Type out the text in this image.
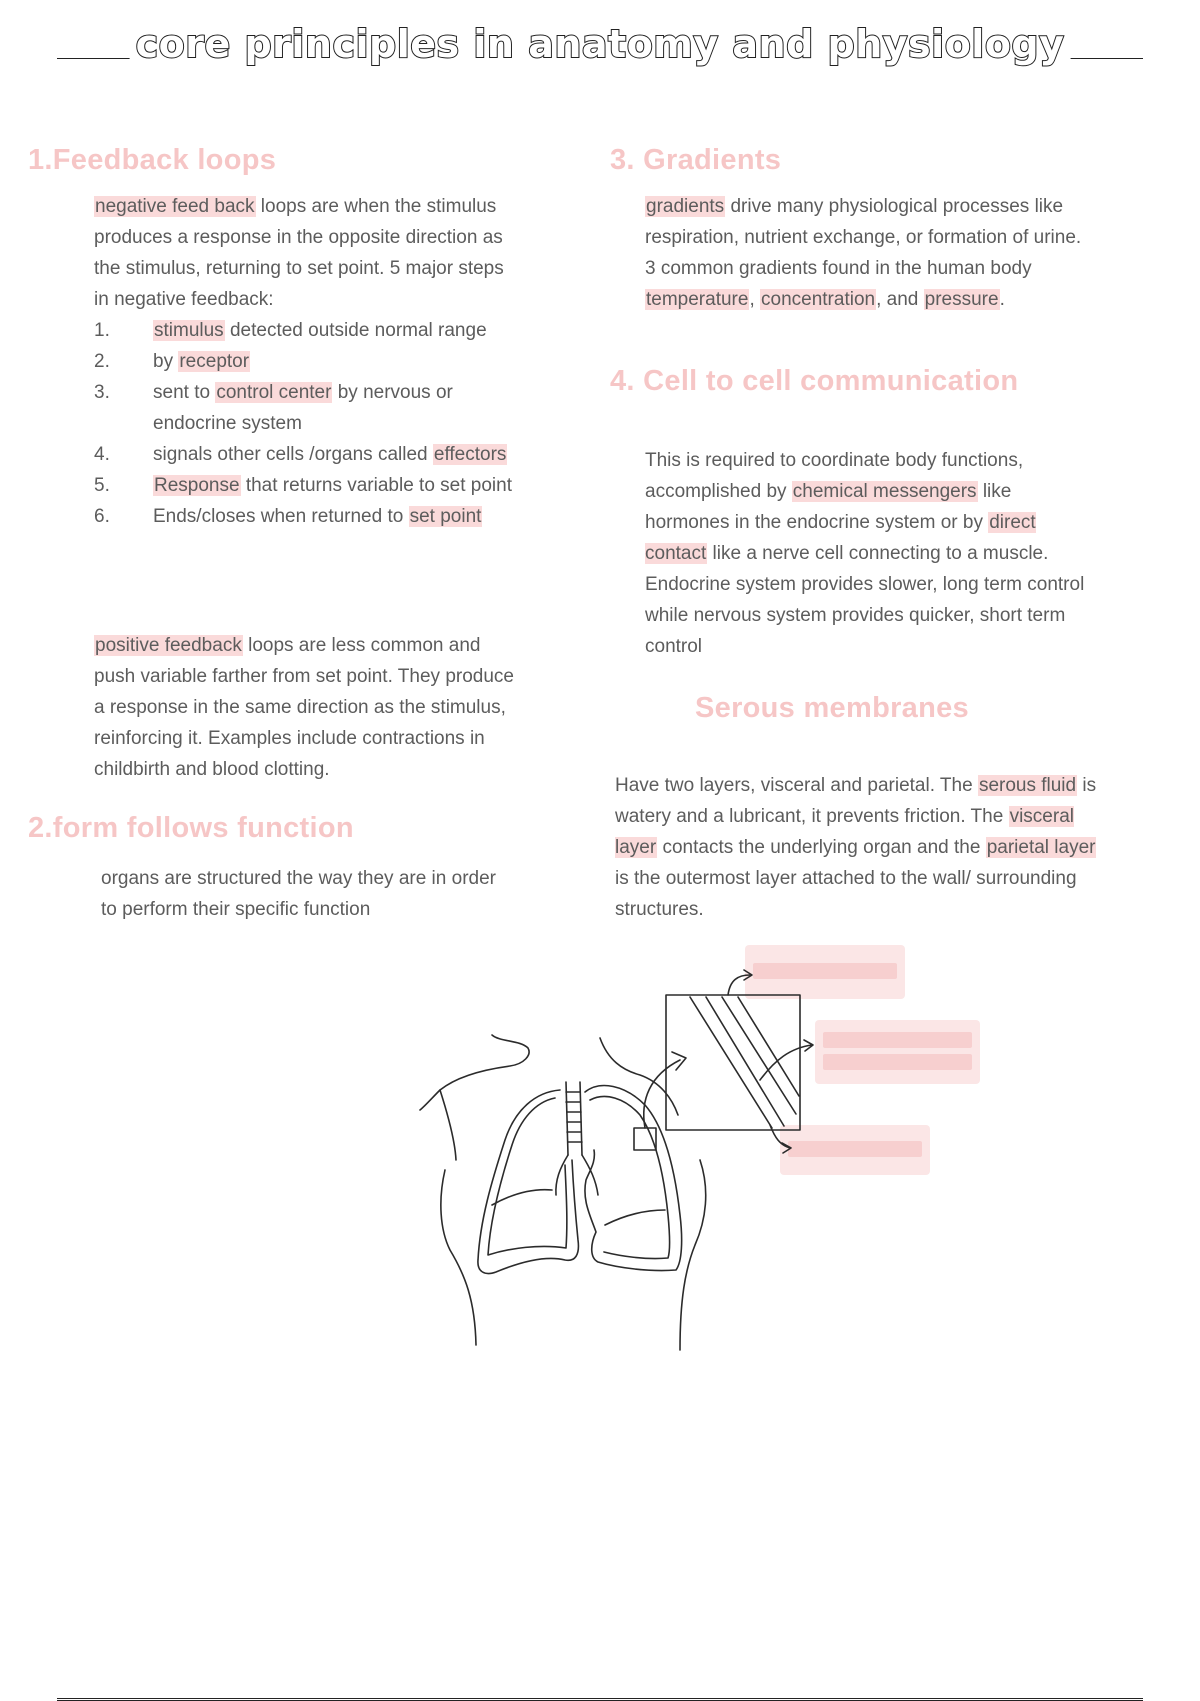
core principles in anatomy and physiology
1.Feedback loops
negative feed back loops are when the stimulus produces a response in the opposite direction as the stimulus, returning to set point. 5 major steps in negative feedback:
1. stimulus detected outside normal range
2. by receptor
3. sent to control center by nervous or endocrine system
4. signals other cells /organs called effectors
5. Response that returns variable to set point
6. Ends/closes when returned to set point
positive feedback loops are less common and push variable farther from set point. They produce a response in the same direction as the stimulus, reinforcing it. Examples include contractions in childbirth and blood clotting.
2.form follows function
organs are structured the way they are in order to perform their specific function
3. Gradients
gradients drive many physiological processes like respiration, nutrient exchange, or formation of urine. 3 common gradients found in the human body temperature, concentration, and pressure.
4. Cell to cell communication
This is required to coordinate body functions, accomplished by chemical messengers like hormones in the endocrine system or by direct contact like a nerve cell connecting to a muscle. Endocrine system provides slower, long term control while nervous system provides quicker, short term control
Serous membranes
Have two layers, visceral and parietal. The serous fluid is watery and a lubricant, it prevents friction. The visceral layer contacts the underlying organ and the parietal layer is the outermost layer attached to the wall/ surrounding structures.
